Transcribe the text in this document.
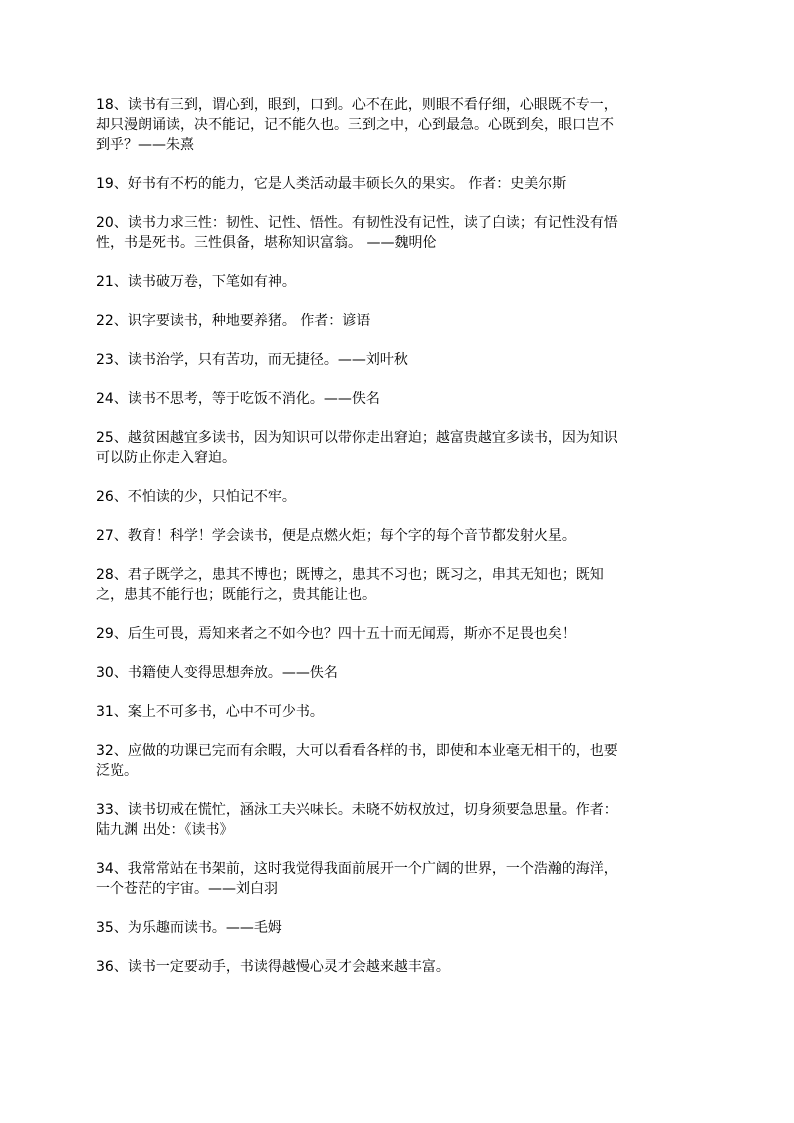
18、读书有三到，谓心到，眼到，口到。心不在此，则眼不看仔细，心眼既不专一，
却只漫朗诵读，决不能记，记不能久也。三到之中，心到最急。心既到矣，眼口岂不
到乎？——朱熹

19、好书有不朽的能力，它是人类活动最丰硕长久的果实。 作者：史美尔斯

20、读书力求三性：韧性、记性、悟性。有韧性没有记性，读了白读；有记性没有悟
性，书是死书。三性俱备，堪称知识富翁。 ——魏明伦

21、读书破万卷，下笔如有神。

22、识字要读书，种地要养猪。 作者：谚语

23、读书治学，只有苦功，而无捷径。——刘叶秋

24、读书不思考，等于吃饭不消化。——佚名

25、越贫困越宜多读书，因为知识可以带你走出窘迫；越富贵越宜多读书，因为知识
可以防止你走入窘迫。

26、不怕读的少，只怕记不牢。

27、教育！科学！学会读书，便是点燃火炬；每个字的每个音节都发射火星。

28、君子既学之，患其不博也；既博之，患其不习也；既习之，串其无知也；既知
之，患其不能行也；既能行之，贵其能让也。

29、后生可畏，焉知来者之不如今也？四十五十而无闻焉，斯亦不足畏也矣！

30、书籍使人变得思想奔放。——佚名

31、案上不可多书，心中不可少书。

32、应做的功课已完而有余暇，大可以看看各样的书，即使和本业毫无相干的，也要
泛览。

33、读书切戒在慌忙，涵泳工夫兴味长。未晓不妨权放过，切身须要急思量。作者：
陆九渊 出处：《读书》

34、我常常站在书架前，这时我觉得我面前展开一个广阔的世界，一个浩瀚的海洋，
一个苍茫的宇宙。——刘白羽

35、为乐趣而读书。——毛姆

36、读书一定要动手，书读得越慢心灵才会越来越丰富。
